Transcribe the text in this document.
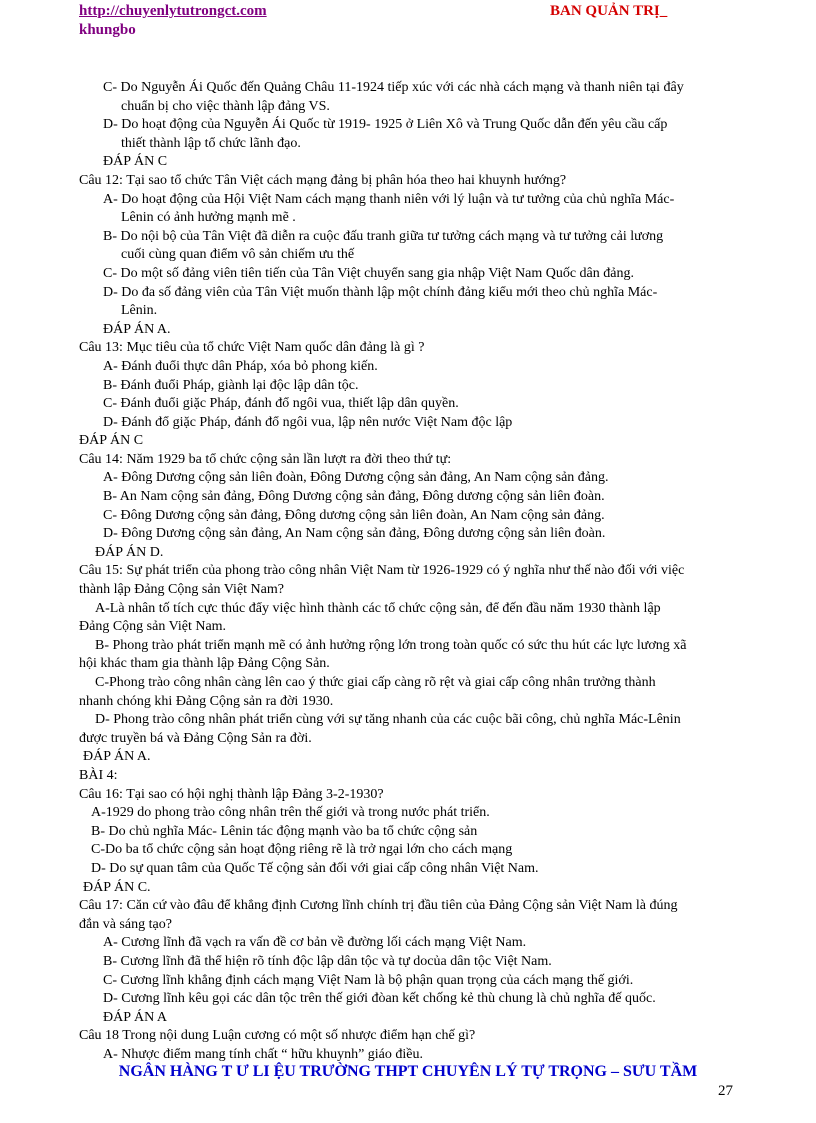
http://chuyenlytutrongct.com	BAN QUẢN TRỊ_
khungbo
C- Do Nguyễn Ái Quốc đến Quảng Châu 11-1924 tiếp xúc với các nhà cách mạng và thanh niên tại đây
chuẩn bị cho việc thành lập đảng VS.
D- Do hoạt động của Nguyễn Ái Quốc từ 1919- 1925 ở Liên Xô và Trung Quốc dẫn đến yêu cầu cấp
thiết thành lập tổ chức lãnh đạo.
ĐÁP ÁN C
Câu 12: Tại sao tổ chức Tân Việt cách mạng đảng bị phân hóa theo hai khuynh hướng?
A- Do hoạt động của Hội Việt Nam cách mạng thanh niên với lý luận và tư tưởng của chủ nghĩa Mác-
Lênin có ảnh hưởng mạnh mẽ .
B- Do nội bộ của Tân Việt đã diễn ra cuộc đấu tranh giữa tư tưởng cách mạng và tư tưởng cải lương
cuối cùng quan điểm vô sản chiếm ưu thế
C- Do một số đảng viên tiên tiến của Tân Việt chuyển sang gia nhập Việt Nam Quốc dân đảng.
D- Do đa số đảng viên của Tân Việt muốn thành lập một chính đảng kiểu mới theo chủ nghĩa Mác-
Lênin.
ĐÁP ÁN A.
Câu 13: Mục tiêu của tổ chức Việt Nam quốc dân đảng là gì ?
A- Đánh đuổi thực dân Pháp, xóa bỏ phong kiến.
B- Đánh đuổi Pháp, giành lại độc lập dân tộc.
C- Đánh đuổi giặc Pháp, đánh đổ ngôi vua, thiết lập dân quyền.
D- Đánh đổ giặc Pháp, đánh đổ ngôi vua, lập nên nước Việt Nam độc lập
ĐÁP ÁN C
Câu 14: Năm 1929 ba tổ chức cộng sản lần lượt ra đời theo thứ tự:
A- Đông Dương cộng sản liên đoàn, Đông Dương cộng sản đảng, An Nam cộng sản đảng.
B- An Nam cộng sản đảng, Đông Dương cộng sản đảng, Đông dương cộng sản liên đoàn.
C- Đông Dương cộng sản đảng, Đông dương cộng sản liên đoàn, An Nam cộng sản đảng.
D- Đông Dương cộng sản đảng, An Nam cộng sản đảng, Đông dương cộng sản liên đoàn.
ĐÁP ÁN D.
Câu 15: Sự phát triển của phong trào công nhân Việt Nam từ 1926-1929 có ý nghĩa như thế nào đối với việc
thành lập Đảng Cộng sản Việt Nam?
A-Là nhân tố tích cực thúc đẩy việc hình thành các tổ chức cộng sản, để đến đầu năm 1930 thành lập
Đảng Cộng sản Việt Nam.
B- Phong trào phát triển mạnh mẽ có ảnh hưởng rộng lớn trong toàn quốc có sức thu hút các lực lương xã
hội khác tham gia thành lập Đảng Cộng Sản.
C-Phong trào công nhân càng lên cao ý thức giai cấp càng rõ rệt và giai cấp công nhân trưởng thành
nhanh chóng khi Đảng Cộng sản ra đời 1930.
D- Phong trào công nhân phát triển cùng với sự tăng nhanh của các cuộc bãi công, chủ nghĩa Mác-Lênin
được truyền bá và Đảng Cộng Sản ra đời.
ĐÁP ÁN A.
BÀI 4:
Câu 16: Tại sao có hội nghị thành lập Đảng 3-2-1930?
A-1929 do phong trào công nhân trên thế giới và trong nước phát triển.
B- Do chủ nghĩa Mác- Lênin tác động mạnh vào ba tổ chức cộng sản
C-Do ba tổ chức cộng sản hoạt động riêng rẽ là trở ngại lớn cho cách mạng
D- Do sự quan tâm của Quốc Tế cộng sản đối với giai cấp công nhân Việt Nam.
ĐÁP ÁN C.
Câu 17: Căn cứ vào đâu để khẳng định Cương lĩnh chính trị đầu tiên của Đảng Cộng sản Việt Nam là đúng
đắn và sáng tạo?
A- Cương lĩnh đã vạch ra vấn đề cơ bản về đường lối cách mạng Việt Nam.
B- Cương lĩnh đã thể hiện rõ tính độc lập dân tộc và tự docủa dân tộc Việt Nam.
C- Cương lĩnh khẳng định cách mạng Việt Nam là bộ phận quan trọng của cách mạng thế giới.
D- Cương lĩnh kêu gọi các dân tộc trên thế giới đòan kết chống kẻ thù chung là chủ nghĩa đế quốc.
ĐÁP ÁN A
Câu 18 Trong nội dung Luận cương có một số nhược điểm hạn chế gì?
A- Nhược điểm mang tính chất “ hữu khuynh” giáo điều.
NGÂN HÀNG T Ư LI ỆU TRƯỜNG THPT CHUYÊN LÝ TỰ TRỌNG – SƯU TẦM
27
